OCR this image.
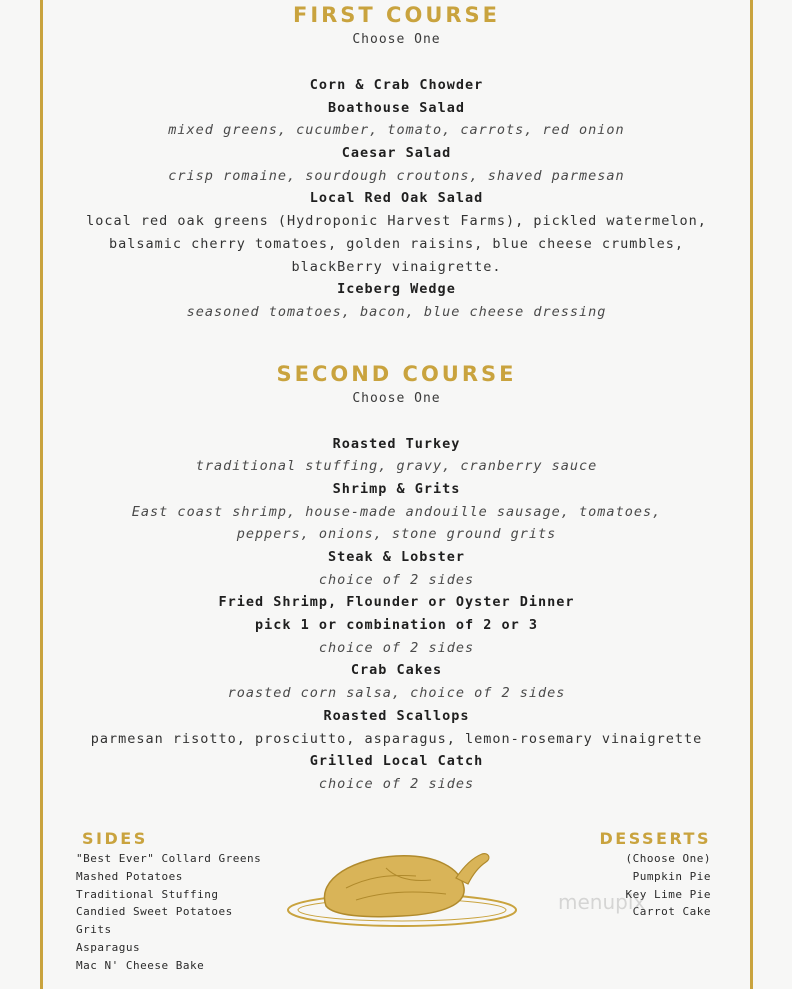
FIRST COURSE
Choose One
Corn & Crab Chowder
Boathouse Salad
mixed greens, cucumber, tomato, carrots, red onion
Caesar Salad
crisp romaine, sourdough croutons, shaved parmesan
Local Red Oak Salad
local red oak greens (Hydroponic Harvest Farms), pickled watermelon,
balsamic cherry tomatoes, golden raisins, blue cheese crumbles,
blackBerry vinaigrette.
Iceberg Wedge
seasoned tomatoes, bacon, blue cheese dressing
SECOND COURSE
Choose One
Roasted Turkey
traditional stuffing, gravy, cranberry sauce
Shrimp & Grits
East coast shrimp, house-made andouille sausage, tomatoes,
peppers, onions, stone ground grits
Steak & Lobster
choice of 2 sides
Fried Shrimp, Flounder or Oyster Dinner
pick 1 or combination of 2 or 3
choice of 2 sides
Crab Cakes
roasted corn salsa, choice of 2 sides
Roasted Scallops
parmesan risotto, prosciutto, asparagus, lemon-rosemary vinaigrette
Grilled Local Catch
choice of 2 sides
SIDES
"Best Ever" Collard Greens
Mashed Potatoes
Traditional Stuffing
Candied Sweet Potatoes
Grits
Asparagus
Mac N' Cheese Bake
DESSERTS
(Choose One)
Pumpkin Pie
Key Lime Pie
Carrot Cake
menupix
